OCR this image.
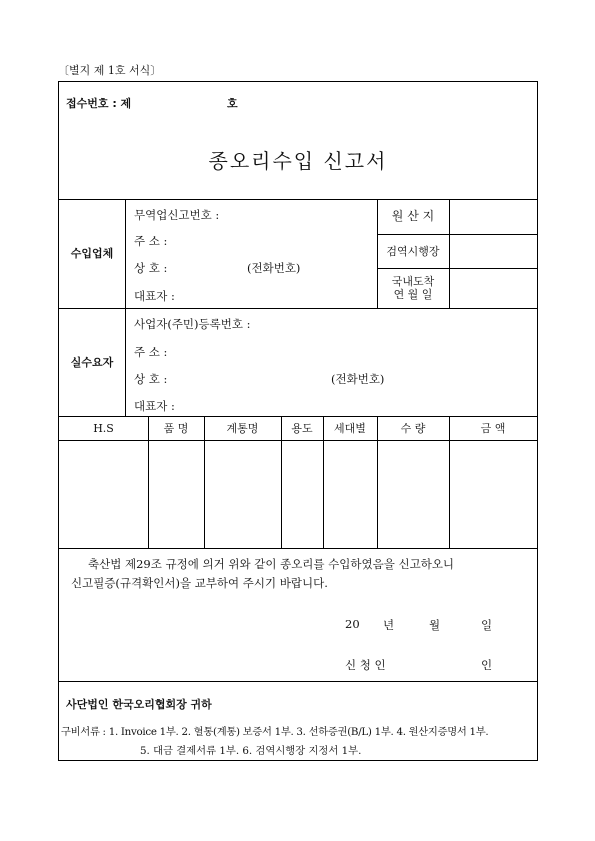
〔별지 제 1호 서식〕
접수번호 : 제	호
종오리수입 신고서
수입업체
무역업신고번호 :
주 소 :
상 호 :	(전화번호)
대표자 :
원 산 지
검역시행장
국내도착
연 월 일
실수요자
사업자(주민)등록번호 :
주 소 :
상 호 :	(전화번호)
대표자 :
H.S	품 명	계통명	용도	세대별	수 량	금 액
축산법 제29조 규정에 의거 위와 같이 종오리를 수입하였음을 신고하오니
신고필증(규격확인서)을 교부하여 주시기 바랍니다.
20 년	월	일
신 청 인	인
사단법인 한국오리협회장 귀하
구비서류 : 1. Invoice 1부. 2. 혈통(계통) 보증서 1부. 3. 선하증권(B/L) 1부. 4. 원산지증명서 1부.
5. 대금 결제서류 1부. 6. 검역시행장 지정서 1부.
